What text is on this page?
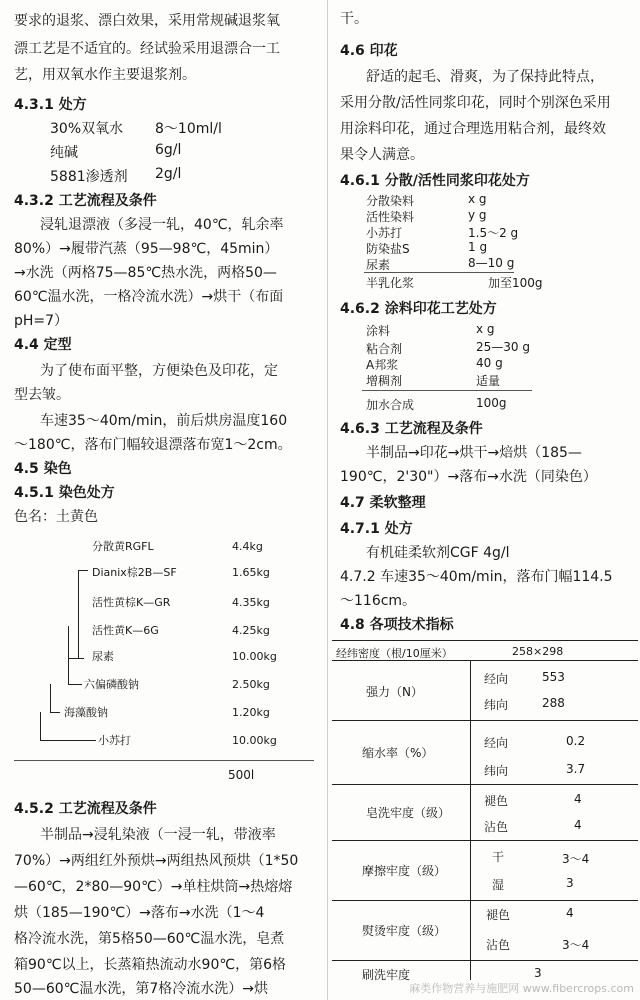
要求的退浆、漂白效果，采用常规碱退浆氧
漂工艺是不适宜的。经试验采用退漂合一工
艺，用双氧水作主要退浆剂。
4.3.1 处方
30%双氧水 8～10ml/l
纯碱	6g/l
5881渗透剂 2g/l
4.3.2 工艺流程及条件
浸轧退漂液（多浸一轧，40℃，轧余率
80%）→履带汽蒸（95—98℃，45min）
→水洗（两格75—85℃热水洗，两格50—
60℃温水洗，一格冷流水洗）→烘干（布面
pH=7）
4.4 定型
为了使布面平整，方便染色及印花，定
型去皱。
车速35～40m/min，前后烘房温度160
～180℃，落布门幅较退漂落布宽1～2cm。
4.5 染色
4.5.1 染色处方
色名：土黄色
分散黄RGFL	4.4kg
Dianix棕2B—SF	1.65kg
活性黄棕K—GR	4.35kg
活性黄K—6G	4.25kg
尿素	10.00kg
六偏磷酸钠	2.50kg
海藻酸钠	1.20kg
小苏打	10.00kg
500l
4.5.2 工艺流程及条件
半制品→浸轧染液（一浸一轧，带液率
70%）→两组红外预烘→两组热风预烘（1*50
—60℃，2*80—90℃）→单柱烘筒→热熔熔
烘（185—190℃）→落布→水洗（1～4
格冷流水洗，第5格50—60℃温水洗，皂煮
箱90℃以上，长蒸箱热流动水90℃，第6格
50—60℃温水洗，第7格冷流水洗）→烘
干。
4.6 印花
舒适的起毛、滑爽，为了保持此特点，
采用分散/活性同浆印花，同时个别深色采用
用涂料印花，通过合理选用粘合剂，最终效
果令人满意。
4.6.1 分散/活性同浆印花处方
分散染料	x g
活性染料	y g
小苏打	1.5～2 g
防染盐S	1 g
尿素	8—10 g
半乳化浆	加至100g
4.6.2 涂料印花工艺处方
涂料	x g
粘合剂	25—30 g
A邦浆	40 g
增稠剂	适量
加水合成	100g
4.6.3 工艺流程及条件
半制品→印花→烘干→焙烘（185—
190℃，2'30"）→落布→水洗（同染色）
4.7 柔软整理
4.7.1 处方
有机硅柔软剂CGF 4g/l
4.7.2 车速35～40m/min，落布门幅114.5
～116cm。
4.8 各项技术指标
经纬密度（根/10厘米）	258×298
强力（N）
经向	553
纬向	288
缩水率（%）
经向	0.2
纬向	3.7
皂洗牢度（级）
褪色	4
沾色	4
摩擦牢度（级）
干	3～4
湿	3
熨烫牢度（级）
褪色	4
沾色	3～4
刷洗牢度	3
麻类作物营养与施肥网 www.fibercrops.com
